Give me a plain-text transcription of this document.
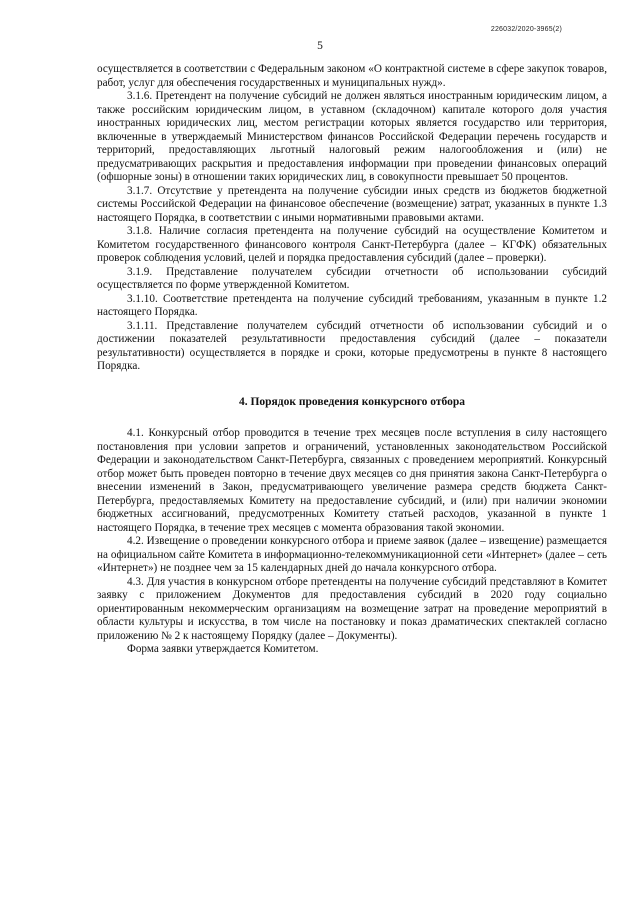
226032/2020-3965(2)
5

осуществляется в соответствии с Федеральным законом «О контрактной системе в сфере закупок товаров, работ, услуг для обеспечения государственных и муниципальных нужд».

3.1.6. Претендент на получение субсидий не должен являться иностранным юридическим лицом, а также российским юридическим лицом, в уставном (складочном) капитале которого доля участия иностранных юридических лиц, местом регистрации которых является государство или территория, включенные в утверждаемый Министерством финансов Российской Федерации перечень государств и территорий, предоставляющих льготный налоговый режим налогообложения и (или) не предусматривающих раскрытия и предоставления информации при проведении финансовых операций (офшорные зоны) в отношении таких юридических лиц, в совокупности превышает 50 процентов.

3.1.7. Отсутствие у претендента на получение субсидии иных средств из бюджетов бюджетной системы Российской Федерации на финансовое обеспечение (возмещение) затрат, указанных в пункте 1.3 настоящего Порядка, в соответствии с иными нормативными правовыми актами.

3.1.8. Наличие согласия претендента на получение субсидий на осуществление Комитетом и Комитетом государственного финансового контроля Санкт-Петербурга (далее – КГФК) обязательных проверок соблюдения условий, целей и порядка предоставления субсидий (далее – проверки).

3.1.9. Представление получателем субсидии отчетности об использовании субсидий осуществляется по форме утвержденной Комитетом.

3.1.10. Соответствие претендента на получение субсидий требованиям, указанным в пункте 1.2 настоящего Порядка.

3.1.11. Представление получателем субсидий отчетности об использовании субсидий и о достижении показателей результативности предоставления субсидий (далее – показатели результативности) осуществляется в порядке и сроки, которые предусмотрены в пункте 8 настоящего Порядка.

4. Порядок проведения конкурсного отбора

4.1. Конкурсный отбор проводится в течение трех месяцев после вступления в силу настоящего постановления при условии запретов и ограничений, установленных законодательством Российской Федерации и законодательством Санкт-Петербурга, связанных с проведением мероприятий. Конкурсный отбор может быть проведен повторно в течение двух месяцев со дня принятия закона Санкт-Петербурга о внесении изменений в Закон, предусматривающего увеличение размера средств бюджета Санкт-Петербурга, предоставляемых Комитету на предоставление субсидий, и (или) при наличии экономии бюджетных ассигнований, предусмотренных Комитету статьей расходов, указанной в пункте 1 настоящего Порядка, в течение трех месяцев с момента образования такой экономии.

4.2. Извещение о проведении конкурсного отбора и приеме заявок (далее – извещение) размещается на официальном сайте Комитета в информационно-телекоммуникационной сети «Интернет» (далее – сеть «Интернет») не позднее чем за 15 календарных дней до начала конкурсного отбора.

4.3. Для участия в конкурсном отборе претенденты на получение субсидий представляют в Комитет заявку с приложением Документов для предоставления субсидий в 2020 году социально ориентированным некоммерческим организациям на возмещение затрат на проведение мероприятий в области культуры и искусства, в том числе на постановку и показ драматических спектаклей согласно приложению № 2 к настоящему Порядку (далее – Документы).

Форма заявки утверждается Комитетом.
